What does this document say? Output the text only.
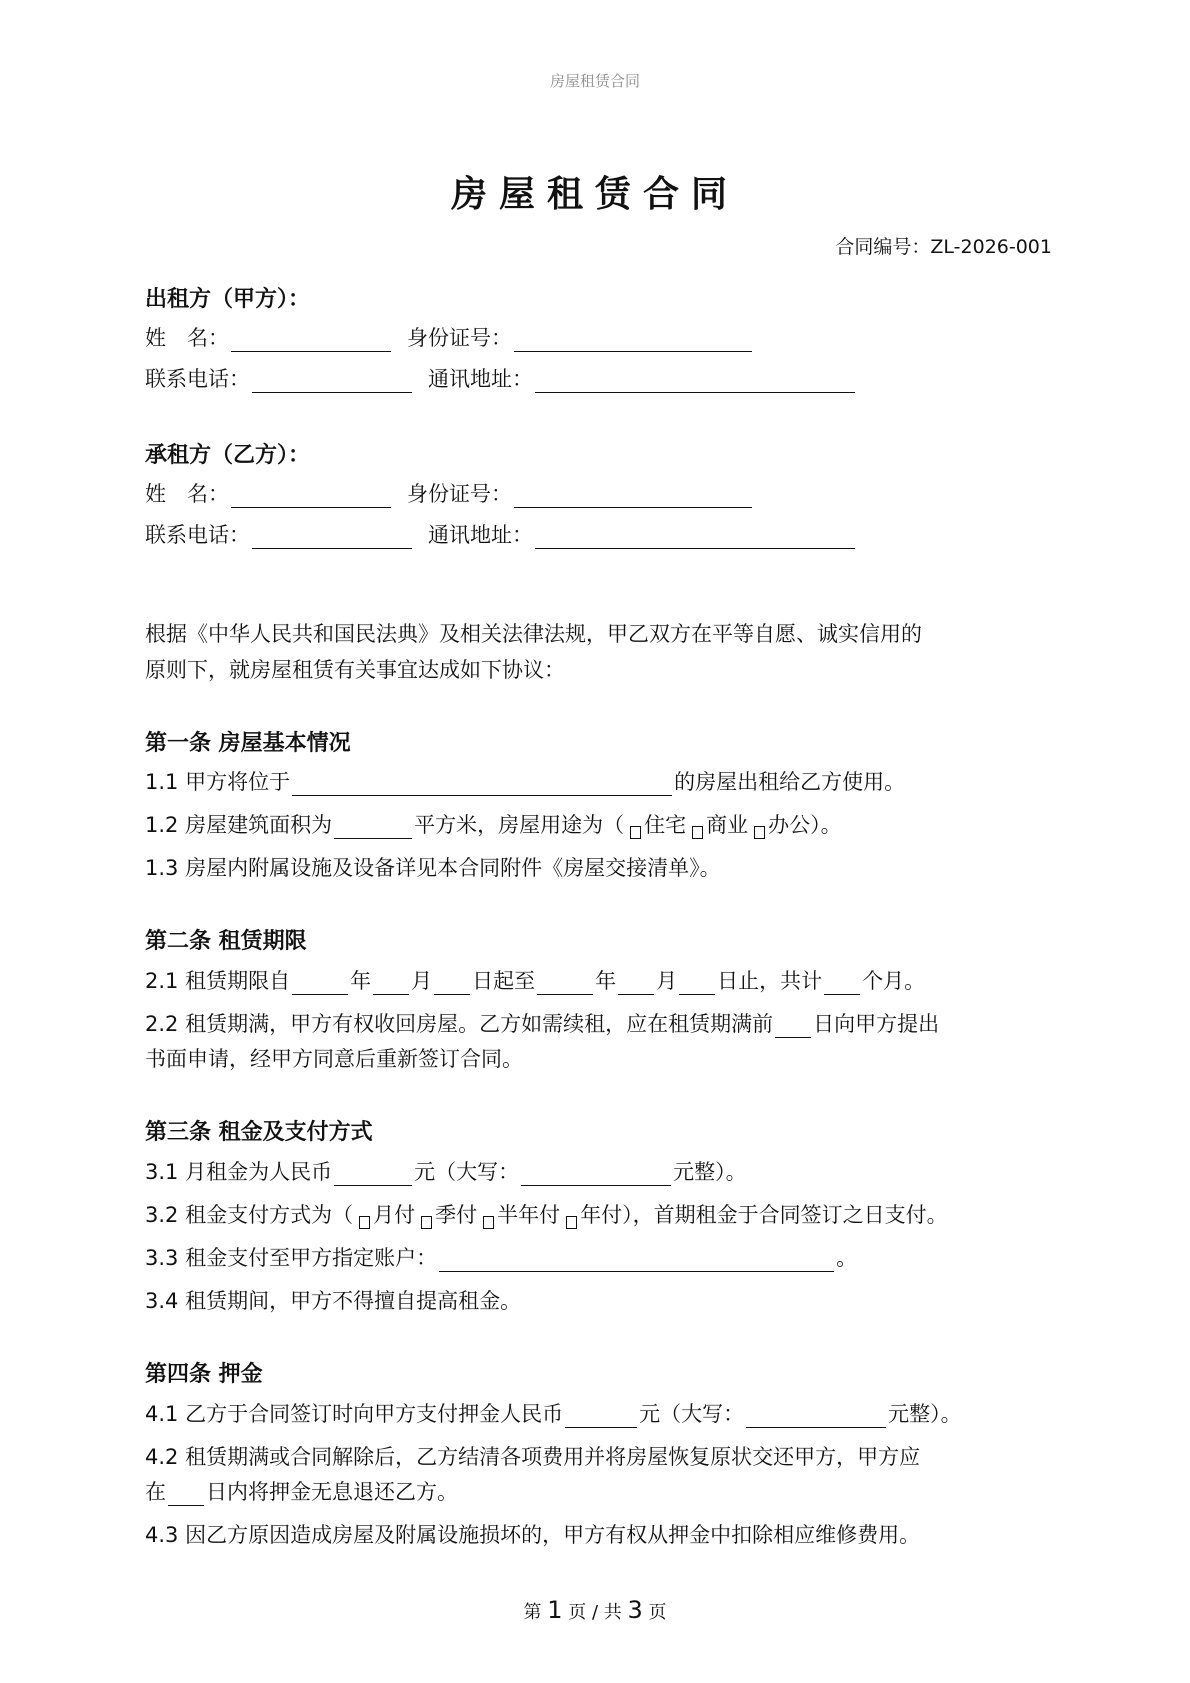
房屋租赁合同
房屋租赁合同
合同编号：ZL-2026-001
出租方（甲方）：
姓　名：	身份证号：
联系电话：	通讯地址：
承租方（乙方）：
姓　名：	身份证号：
联系电话：	通讯地址：
根据《中华人民共和国民法典》及相关法律法规，甲乙双方在平等自愿、诚实信用的
原则下，就房屋租赁有关事宜达成如下协议：
第一条 房屋基本情况
1.1 甲方将位于	的房屋出租给乙方使用。
1.2 房屋建筑面积为	平方米，房屋用途为（ 住宅 商业 办公 ）。
1.3 房屋内附属设施及设备详见本合同附件《房屋交接清单》。
第二条 租赁期限
2.1 租赁期限自	年 月 日起至	年 月 日止，共计 个月。
2.2 租赁期满，甲方有权收回房屋。乙方如需续租，应在租赁期满前 日向甲方提出
书面申请，经甲方同意后重新签订合同。
第三条 租金及支付方式
3.1 月租金为人民币	元（大写：	元整）。
3.2 租金支付方式为（ 月付 季付 半年付 年付 ），首期租金于合同签订之日支付。
3.3 租金支付至甲方指定账户：	。
3.4 租赁期间，甲方不得擅自提高租金。
第四条 押金
4.1 乙方于合同签订时向甲方支付押金人民币	元（大写：	元整）。
4.2 租赁期满或合同解除后，乙方结清各项费用并将房屋恢复原状交还甲方，甲方应
在 日内将押金无息退还乙方。
4.3 因乙方原因造成房屋及附属设施损坏的，甲方有权从押金中扣除相应维修费用。
第 1 页 / 共 3 页
